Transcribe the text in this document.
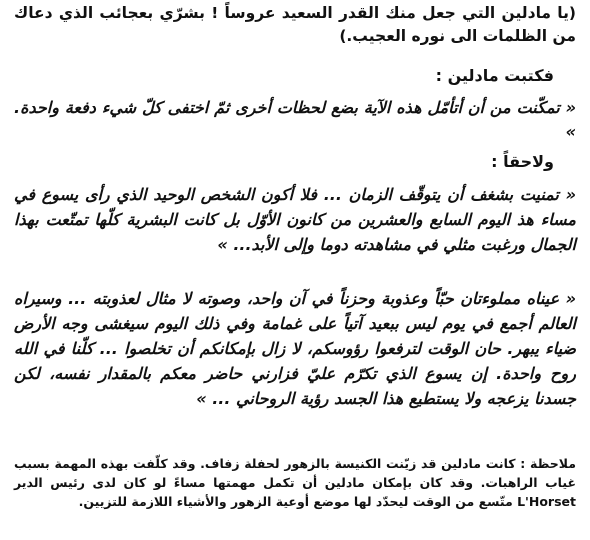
(يا مادلين التي جعل منك القدر السعيد عروساً ! بشرّي بعجائب الذي دعاك من الظلمات الى نوره العجيب.)

فكتبت مادلين :

« تمكّنت من أن أتأمّل هذه الآية بضع لحظات أخرى ثمّ اختفى كلّ شيء دفعة واحدة. »

ولاحقاً :

« تمنيت بشغف أن يتوقّف الزمان ... فلا أكون الشخص الوحيد الذي رأى يسوع في مساء هذ اليوم السابع والعشرين من كانون الأوّل بل كانت البشرية كلّها تمتّعت بهذا الجمال ورغبت مثلي في مشاهدته دوما وإلى الأبد... »

« عيناه مملوءتان حبّاً وعذوبة وحزناً في آن واحد، وصوته لا مثال لعذوبته ... وسيراه العالم أجمع في يوم ليس ببعيد آتياً على غمامة وفي ذلك اليوم سيغشى وجه الأرض ضياء يبهر. حان الوقت لترفعوا رؤوسكم، لا زال بإمكانكم أن تخلصوا ... كلّنا في الله روح واحدة. إن يسوع الذي تكرّم عليّ فزارني حاضر معكم بالمقدار نفسه، لكن جسدنا يزعجه ولا يستطيع هذا الجسد رؤية الروحاني ... »

ملاحظة : كانت مادلين قد زيّنت الكنيسة بالزهور لحفلة زفاف. وقد كلّفت بهذه المهمة بسبب غياب الراهبات. وقد كان بإمكان مادلين أن تكمل مهمتها مساءً لو كان لدى رئيس الدير L'Horset متّسع من الوقت ليحدّد لها موضع أوعية الزهور والأشياء اللازمة للتزيين.
